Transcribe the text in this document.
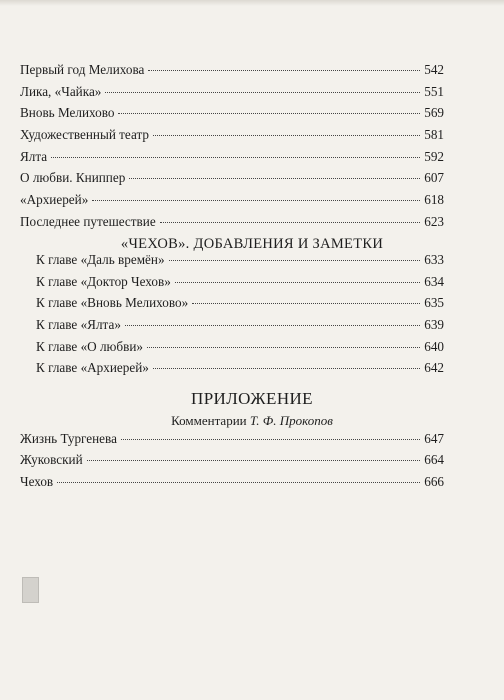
Первый год Мелихова	542
Лика, «Чайка»	551
Вновь Мелихово	569
Художественный театр	581
Ялта	592
О любви. Книппер	607
«Архиерей»	618
Последнее путешествие	623
«ЧЕХОВ». ДОБАВЛЕНИЯ И ЗАМЕТКИ
К главе «Даль времён»	633
К главе «Доктор Чехов»	634
К главе «Вновь Мелихово»	635
К главе «Ялта»	639
К главе «О любви»	640
К главе «Архиерей»	642
ПРИЛОЖЕНИЕ
Комментарии Т. Ф. Прокопов
Жизнь Тургенева	647
Жуковский	664
Чехов	666
